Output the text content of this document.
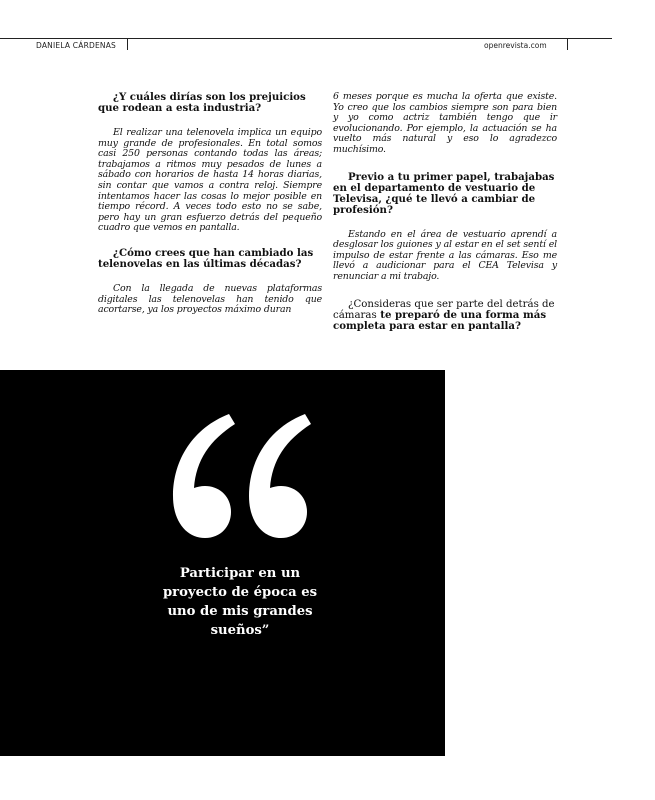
DANIELA CÁRDENAS	openrevista.com

¿Y cuáles dirías son los prejuicios que rodean a esta industria?

El realizar una telenovela implica un equipo muy grande de profesionales. En total somos casi 250 personas contando todas las áreas; trabajamos a ritmos muy pesados de lunes a sábado con horarios de hasta 14 horas diarias, sin contar que vamos a contra reloj. Siempre intentamos hacer las cosas lo mejor posible en tiempo récord. A veces todo esto no se sabe, pero hay un gran esfuerzo detrás del pequeño cuadro que vemos en pantalla.

¿Cómo crees que han cambiado las telenovelas en las últimas décadas?

Con la llegada de nuevas plataformas digitales las telenovelas han tenido que acortarse, ya los proyectos máximo duran

6 meses porque es mucha la oferta que existe. Yo creo que los cambios siempre son para bien y yo como actriz también tengo que ir evolucionando. Por ejemplo, la actuación se ha vuelto más natural y eso lo agradezco muchísimo.

Previo a tu primer papel, trabajabas en el departamento de vestuario de Televisa, ¿qué te llevó a cambiar de profesión?

Estando en el área de vestuario aprendí a desglosar los guiones y al estar en el set sentí el impulso de estar frente a las cámaras. Eso me llevó a audicionar para el CEA Televisa y renunciar a mi trabajo.

¿Consideras que ser parte del detrás de cámaras te preparó de una forma más completa para estar en pantalla?

Participar en un proyecto de época es uno de mis grandes sueños”
